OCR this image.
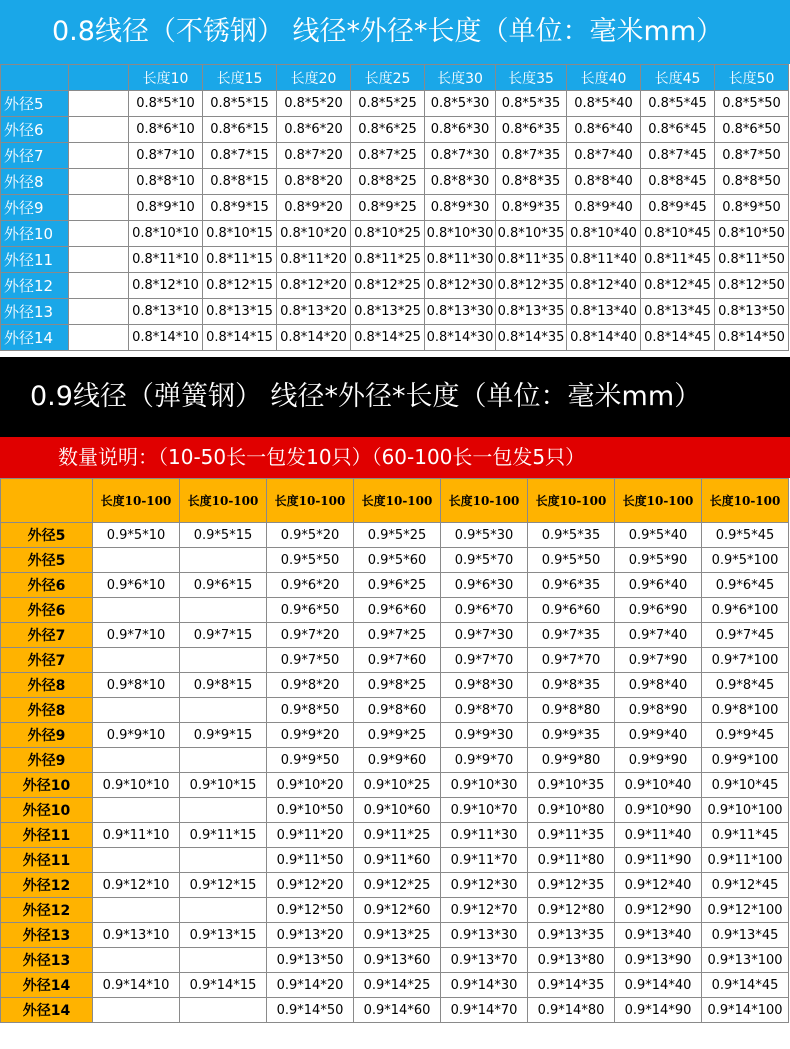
0.8线径（不锈钢） 线径*外径*长度（单位：毫米mm）
		长度10	长度15	长度20	长度25	长度30	长度35	长度40	长度45	长度50
外径5		0.8*5*10	0.8*5*15	0.8*5*20	0.8*5*25	0.8*5*30	0.8*5*35	0.8*5*40	0.8*5*45	0.8*5*50
外径6		0.8*6*10	0.8*6*15	0.8*6*20	0.8*6*25	0.8*6*30	0.8*6*35	0.8*6*40	0.8*6*45	0.8*6*50
外径7		0.8*7*10	0.8*7*15	0.8*7*20	0.8*7*25	0.8*7*30	0.8*7*35	0.8*7*40	0.8*7*45	0.8*7*50
外径8		0.8*8*10	0.8*8*15	0.8*8*20	0.8*8*25	0.8*8*30	0.8*8*35	0.8*8*40	0.8*8*45	0.8*8*50
外径9		0.8*9*10	0.8*9*15	0.8*9*20	0.8*9*25	0.8*9*30	0.8*9*35	0.8*9*40	0.8*9*45	0.8*9*50
外径10		0.8*10*10	0.8*10*15	0.8*10*20	0.8*10*25	0.8*10*30	0.8*10*35	0.8*10*40	0.8*10*45	0.8*10*50
外径11		0.8*11*10	0.8*11*15	0.8*11*20	0.8*11*25	0.8*11*30	0.8*11*35	0.8*11*40	0.8*11*45	0.8*11*50
外径12		0.8*12*10	0.8*12*15	0.8*12*20	0.8*12*25	0.8*12*30	0.8*12*35	0.8*12*40	0.8*12*45	0.8*12*50
外径13		0.8*13*10	0.8*13*15	0.8*13*20	0.8*13*25	0.8*13*30	0.8*13*35	0.8*13*40	0.8*13*45	0.8*13*50
外径14		0.8*14*10	0.8*14*15	0.8*14*20	0.8*14*25	0.8*14*30	0.8*14*35	0.8*14*40	0.8*14*45	0.8*14*50
0.9线径（弹簧钢） 线径*外径*长度（单位：毫米mm）
数量说明：（10-50长一包发10只）（60-100长一包发5只）
	长度10-100	长度10-100	长度10-100	长度10-100	长度10-100	长度10-100	长度10-100	长度10-100
外径5	0.9*5*10	0.9*5*15	0.9*5*20	0.9*5*25	0.9*5*30	0.9*5*35	0.9*5*40	0.9*5*45
外径5			0.9*5*50	0.9*5*60	0.9*5*70	0.9*5*50	0.9*5*90	0.9*5*100
外径6	0.9*6*10	0.9*6*15	0.9*6*20	0.9*6*25	0.9*6*30	0.9*6*35	0.9*6*40	0.9*6*45
外径6			0.9*6*50	0.9*6*60	0.9*6*70	0.9*6*60	0.9*6*90	0.9*6*100
外径7	0.9*7*10	0.9*7*15	0.9*7*20	0.9*7*25	0.9*7*30	0.9*7*35	0.9*7*40	0.9*7*45
外径7			0.9*7*50	0.9*7*60	0.9*7*70	0.9*7*70	0.9*7*90	0.9*7*100
外径8	0.9*8*10	0.9*8*15	0.9*8*20	0.9*8*25	0.9*8*30	0.9*8*35	0.9*8*40	0.9*8*45
外径8			0.9*8*50	0.9*8*60	0.9*8*70	0.9*8*80	0.9*8*90	0.9*8*100
外径9	0.9*9*10	0.9*9*15	0.9*9*20	0.9*9*25	0.9*9*30	0.9*9*35	0.9*9*40	0.9*9*45
外径9			0.9*9*50	0.9*9*60	0.9*9*70	0.9*9*80	0.9*9*90	0.9*9*100
外径10	0.9*10*10	0.9*10*15	0.9*10*20	0.9*10*25	0.9*10*30	0.9*10*35	0.9*10*40	0.9*10*45
外径10			0.9*10*50	0.9*10*60	0.9*10*70	0.9*10*80	0.9*10*90	0.9*10*100
外径11	0.9*11*10	0.9*11*15	0.9*11*20	0.9*11*25	0.9*11*30	0.9*11*35	0.9*11*40	0.9*11*45
外径11			0.9*11*50	0.9*11*60	0.9*11*70	0.9*11*80	0.9*11*90	0.9*11*100
外径12	0.9*12*10	0.9*12*15	0.9*12*20	0.9*12*25	0.9*12*30	0.9*12*35	0.9*12*40	0.9*12*45
外径12			0.9*12*50	0.9*12*60	0.9*12*70	0.9*12*80	0.9*12*90	0.9*12*100
外径13	0.9*13*10	0.9*13*15	0.9*13*20	0.9*13*25	0.9*13*30	0.9*13*35	0.9*13*40	0.9*13*45
外径13			0.9*13*50	0.9*13*60	0.9*13*70	0.9*13*80	0.9*13*90	0.9*13*100
外径14	0.9*14*10	0.9*14*15	0.9*14*20	0.9*14*25	0.9*14*30	0.9*14*35	0.9*14*40	0.9*14*45
外径14			0.9*14*50	0.9*14*60	0.9*14*70	0.9*14*80	0.9*14*90	0.9*14*100
